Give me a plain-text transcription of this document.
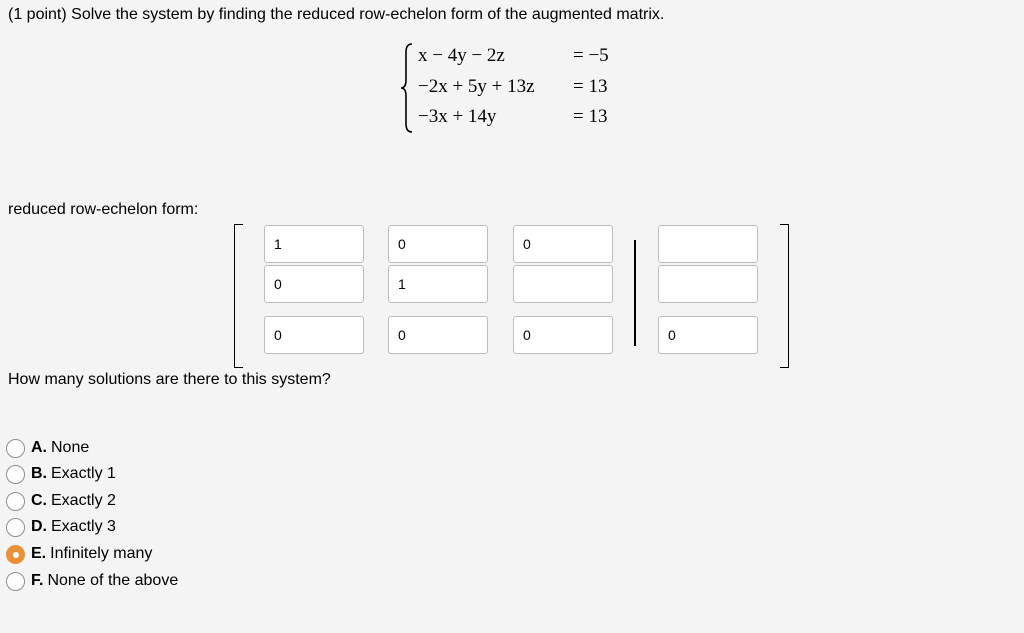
(1 point) Solve the system by finding the reduced row-echelon form of the augmented matrix.
x − 4y − 2z	= −5
−2x + 5y + 13z = 13
−3x + 14y	= 13
reduced row-echelon form:
1
0
0
0
1
0
0
0
0
How many solutions are there to this system?
A. None
B. Exactly 1
C. Exactly 2
D. Exactly 3
E. Infinitely many
F. None of the above
